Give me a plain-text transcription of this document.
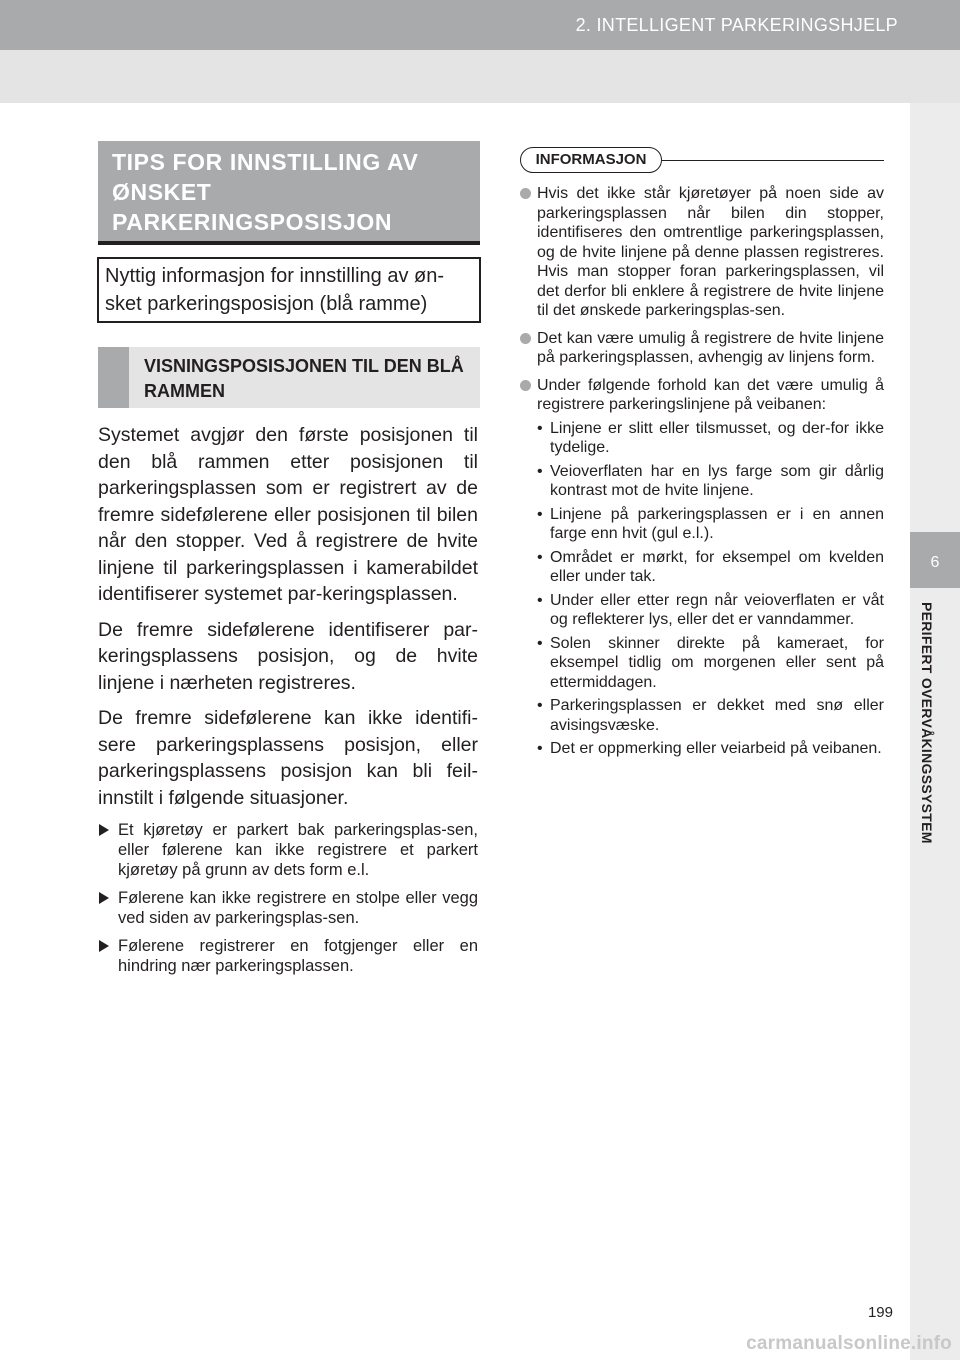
2. INTELLIGENT PARKERINGSHJELP
6
PERIFERT OVERVÅKINGSSYSTEM
TIPS FOR INNSTILLING AV ØNSKET PARKERINGSPOSISJON
Nyttig informasjon for innstilling av øn-sket parkeringsposisjon (blå ramme)
VISNINGSPOSISJONEN TIL DEN BLÅ RAMMEN

Systemet avgjør den første posisjonen til den blå rammen etter posisjonen til parkeringsplassen som er registrert av de fremre sidefølerene eller posisjonen til bilen når den stopper. Ved å registrere de hvite linjene til parkeringsplassen i kamerabildet identifiserer systemet par-keringsplassen.

De fremre sidefølerene identifiserer par-keringsplassens posisjon, og de hvite linjene i nærheten registreres.

De fremre sidefølerene kan ikke identifi-sere parkeringsplassens posisjon, eller parkeringsplassens posisjon kan bli feil-innstilt i følgende situasjoner.

Et kjøretøy er parkert bak parkeringsplas-sen, eller følerene kan ikke registrere et parkert kjøretøy på grunn av dets form e.l.
Følerene kan ikke registrere en stolpe eller vegg ved siden av parkeringsplas-sen.
Følerene registrerer en fotgjenger eller en hindring nær parkeringsplassen.
INFORMASJON
Hvis det ikke står kjøretøyer på noen side av parkeringsplassen når bilen din stopper, identifiseres den omtrentlige parkeringsplassen, og de hvite linjene på denne plassen registreres. Hvis man stopper foran parkeringsplassen, vil det derfor bli enklere å registrere de hvite linjene til det ønskede parkeringsplas-sen.
Det kan være umulig å registrere de hvite linjene på parkeringsplassen, avhengig av linjens form.
Under følgende forhold kan det være umulig å registrere parkeringslinjene på veibanen:
• Linjene er slitt eller tilsmusset, og der-for ikke tydelige.
• Veioverflaten har en lys farge som gir dårlig kontrast mot de hvite linjene.
• Linjene på parkeringsplassen er i en annen farge enn hvit (gul e.l.).
• Området er mørkt, for eksempel om kvelden eller under tak.
• Under eller etter regn når veioverflaten er våt og reflekterer lys, eller det er vanndammer.
• Solen skinner direkte på kameraet, for eksempel tidlig om morgenen eller sent på ettermiddagen.
• Parkeringsplassen er dekket med snø eller avisingsvæske.
• Det er oppmerking eller veiarbeid på veibanen.
199
carmanualsonline.info
